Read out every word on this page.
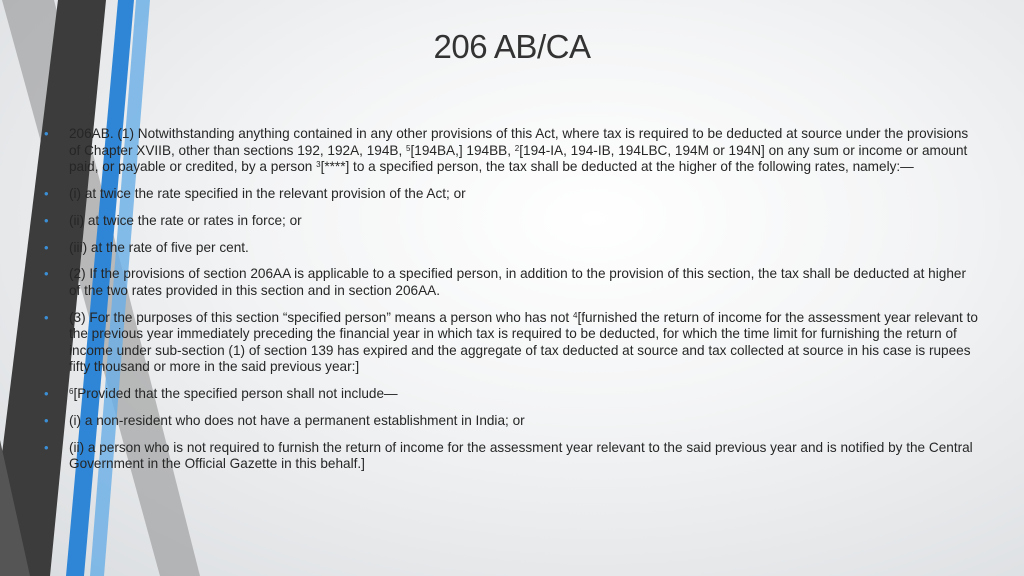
206 AB/CA
• 206AB. (1) Notwithstanding anything contained in any other provisions of this Act, where tax is required to be deducted at source under the provisions of Chapter XVIIB, other than sections 192, 192A, 194B, $^5$[194BA,] 194BB, $^2$[194-IA, 194-IB, 194LBC, 194M or 194N] on any sum or income or amount paid, or payable or credited, by a person $^3$[****] to a specified person, the tax shall be deducted at the higher of the following rates, namely:—
• (i) at twice the rate specified in the relevant provision of the Act; or
• (ii) at twice the rate or rates in force; or
• (iii) at the rate of five per cent.
• (2) If the provisions of section 206AA is applicable to a specified person, in addition to the provision of this section, the tax shall be deducted at higher of the two rates provided in this section and in section 206AA.
• (3) For the purposes of this section “specified person” means a person who has not $^4$[furnished the return of income for the assessment year relevant to the previous year immediately preceding the financial year in which tax is required to be deducted, for which the time limit for furnishing the return of income under sub-section (1) of section 139 has expired and the aggregate of tax deducted at source and tax collected at source in his case is rupees fifty thousand or more in the said previous year:]
•	$^6$[Provided that the specified person shall not include—
• (i) a non-resident who does not have a permanent establishment in India; or
• (ii) a person who is not required to furnish the return of income for the assessment year relevant to the said previous year and is notified by the Central Government in the Official Gazette in this behalf.]
